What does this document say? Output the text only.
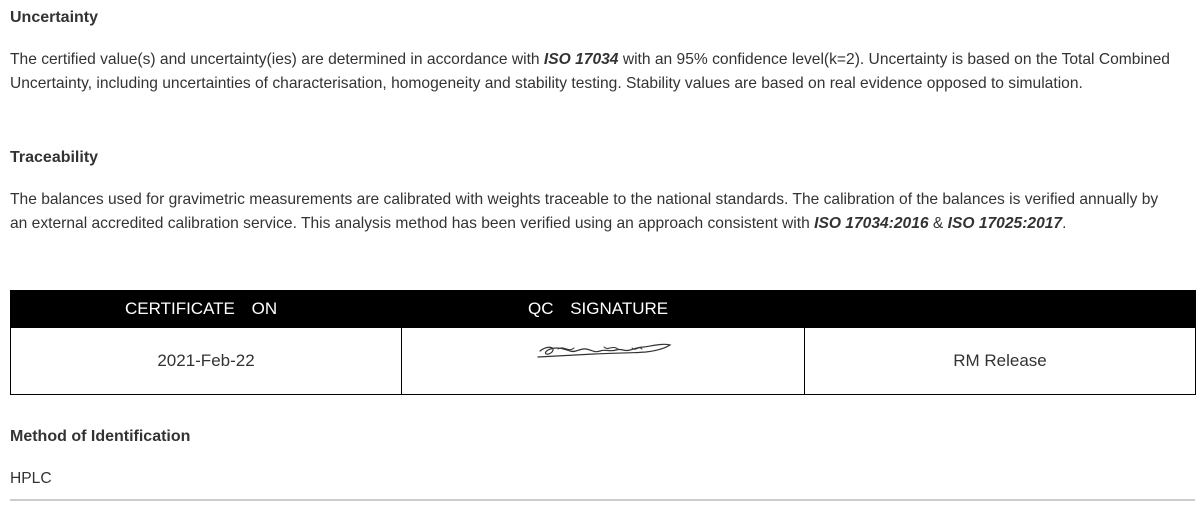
Uncertainty

The certified value(s) and uncertainty(ies) are determined in accordance with ISO 17034 with an 95% confidence level(k=2). Uncertainty is based on the Total Combined Uncertainty, including uncertainties of characterisation, homogeneity and stability testing. Stability values are based on real evidence opposed to simulation.

Traceability

The balances used for gravimetric measurements are calibrated with weights traceable to the national standards. The calibration of the balances is verified annually by an external accredited calibration service. This analysis method has been verified using an approach consistent with ISO 17034:2016 & ISO 17025:2017.

CERTIFICATE ON	QC SIGNATURE	
2021-Feb-22		RM Release
Method of Identification
HPLC
